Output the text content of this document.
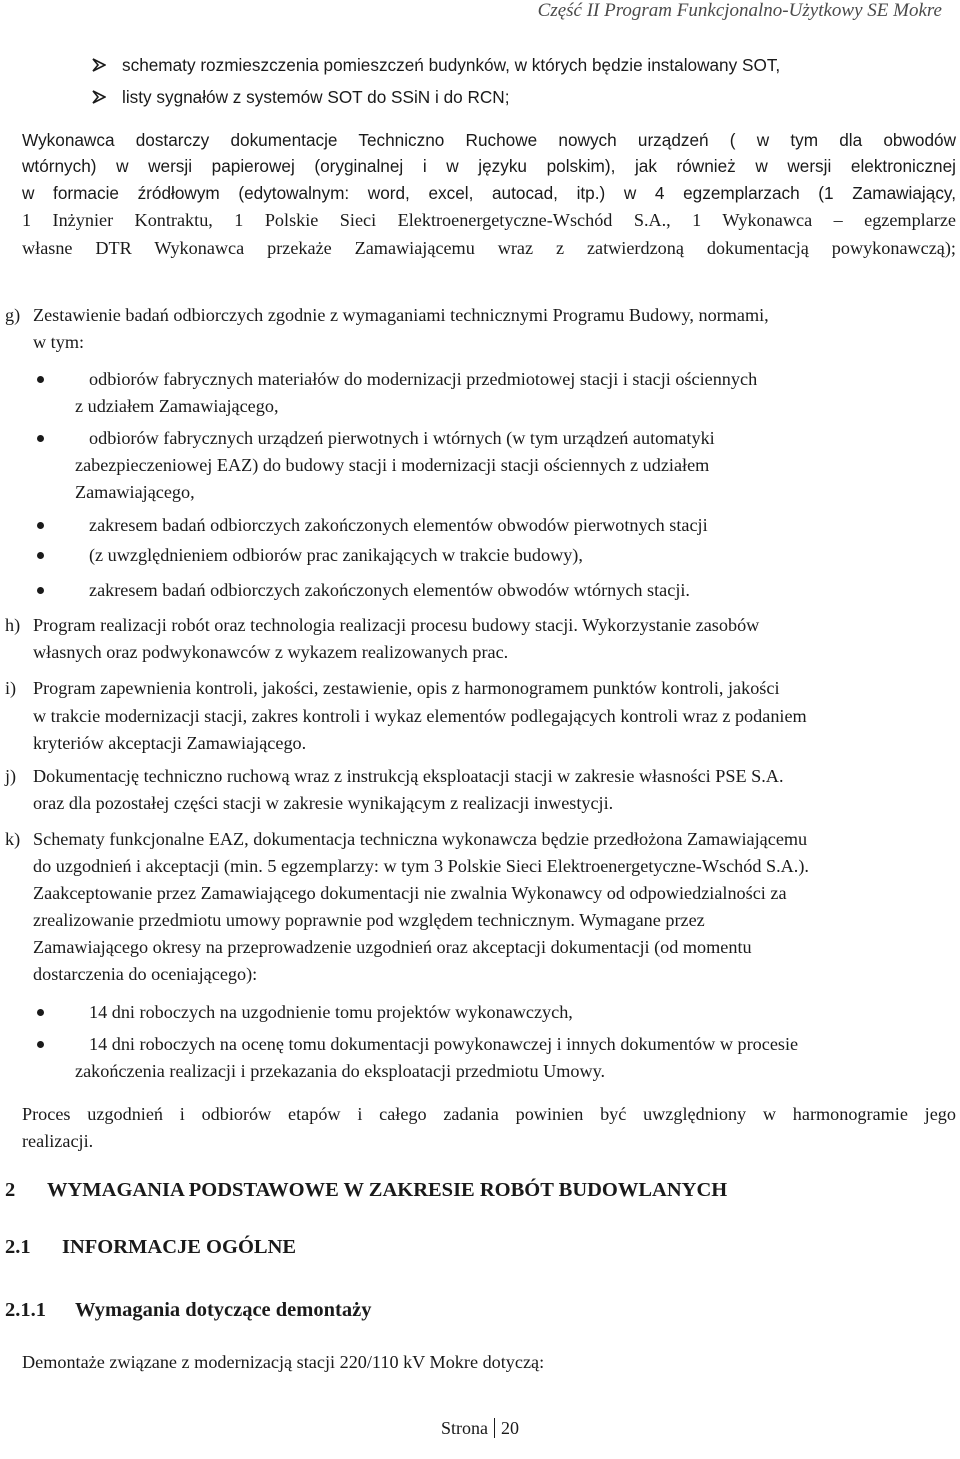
Część II Program Funkcjonalno-Użytkowy SE Mokre
schematy rozmieszczenia pomieszczeń budynków, w których będzie instalowany SOT,
listy sygnałów z systemów SOT do SSiN i do RCN;
Wykonawca dostarczy dokumentacje Techniczno Ruchowe nowych urządzeń ( w tym dla obwodów
wtórnych) w wersji papierowej (oryginalnej i w języku polskim), jak również w wersji elektronicznej
w formacie źródłowym (edytowalnym: word, excel, autocad, itp.) w 4 egzemplarzach (1 Zamawiający,
1 Inżynier Kontraktu, 1 Polskie Sieci Elektroenergetyczne-Wschód S.A., 1 Wykonawca – egzemplarze
własne DTR Wykonawca przekaże Zamawiającemu wraz z zatwierdzoną dokumentacją powykonawczą);
g) Zestawienie badań odbiorczych zgodnie z wymaganiami technicznymi Programu Budowy, normami,
w tym:
odbiorów fabrycznych materiałów do modernizacji przedmiotowej stacji i stacji ościennych
z udziałem Zamawiającego,
odbiorów fabrycznych urządzeń pierwotnych i wtórnych (w tym urządzeń automatyki
zabezpieczeniowej EAZ) do budowy stacji i modernizacji stacji ościennych z udziałem
Zamawiającego,
zakresem badań odbiorczych zakończonych elementów obwodów pierwotnych stacji
(z uwzględnieniem odbiorów prac zanikających w trakcie budowy),
zakresem badań odbiorczych zakończonych elementów obwodów wtórnych stacji.
h) Program realizacji robót oraz technologia realizacji procesu budowy stacji. Wykorzystanie zasobów
własnych oraz podwykonawców z wykazem realizowanych prac.
i) Program zapewnienia kontroli, jakości, zestawienie, opis z harmonogramem punktów kontroli, jakości
w trakcie modernizacji stacji, zakres kontroli i wykaz elementów podlegających kontroli wraz z podaniem
kryteriów akceptacji Zamawiającego.
j) Dokumentację techniczno ruchową wraz z instrukcją eksploatacji stacji w zakresie własności PSE S.A.
oraz dla pozostałej części stacji w zakresie wynikającym z realizacji inwestycji.
k) Schematy funkcjonalne EAZ, dokumentacja techniczna wykonawcza będzie przedłożona Zamawiającemu
do uzgodnień i akceptacji (min. 5 egzemplarzy: w tym 3 Polskie Sieci Elektroenergetyczne-Wschód S.A.).
Zaakceptowanie przez Zamawiającego dokumentacji nie zwalnia Wykonawcy od odpowiedzialności za
zrealizowanie przedmiotu umowy poprawnie pod względem technicznym. Wymagane przez
Zamawiającego okresy na przeprowadzenie uzgodnień oraz akceptacji dokumentacji (od momentu
dostarczenia do oceniającego):
14 dni roboczych na uzgodnienie tomu projektów wykonawczych,
14 dni roboczych na ocenę tomu dokumentacji powykonawczej i innych dokumentów w procesie
zakończenia realizacji i przekazania do eksploatacji przedmiotu Umowy.
Proces uzgodnień i odbiorów etapów i całego zadania powinien być uwzględniony w harmonogramie jego
realizacji.
2 WYMAGANIA PODSTAWOWE W ZAKRESIE ROBÓT BUDOWLANYCH
2.1 INFORMACJE OGÓLNE
2.1.1 Wymagania dotyczące demontaży
Demontaże związane z modernizacją stacji 220/110 kV Mokre dotyczą:
Strona 20
